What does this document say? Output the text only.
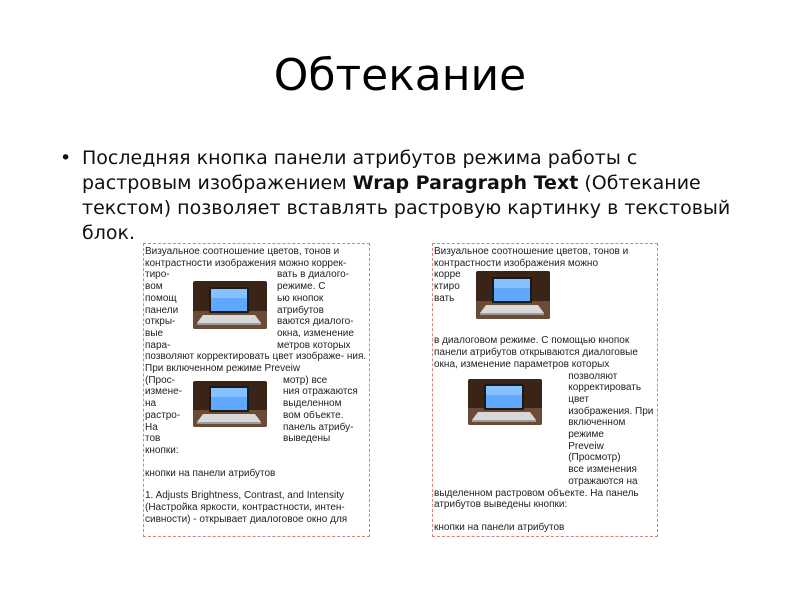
Обтекание
• Последняя кнопка панели атрибутов режима работы с растровым изображением Wrap Paragraph Text (Обтекание текстом) позволяет вставлять растровую картинку в текстовый блок.

Визуальное соотношение цветов, тонов и контрастности изображения можно коррек-

тиро-
вом
помощ
панели
откры-
вые
пара-
вать в диалого-
режиме. С
ью кнопок
атрибутов
ваются диалого-
окна, изменение
метров которых

позволяют корректировать цвет изображе- ния. При включенном режиме Preveiw

(Прос-
измене-
на
растро-
На
тов
кнопки:
мотр) все
ния отражаются
выделенном
вом объекте.
панель атрибу-
выведены

кнопки на панели атрибутов

1. Adjusts Brightness, Contrast, and Intensity (Настройка яркости, контрастности, интен- сивности) - открывает диалоговое окно для

Визуальное соотношение цветов, тонов и контрастности изображения можно

корре
ктиро
вать

в диалоговом режиме. С помощью кнопок панели атрибутов открываются диалоговые окна, изменение параметров которых

позволяют
корректировать цвет
изображения. При
включенном режиме
Preveiw (Просмотр)
все изменения
отражаются на

выделенном растровом объекте. На панель атрибутов выведены кнопки:

кнопки на панели атрибутов
